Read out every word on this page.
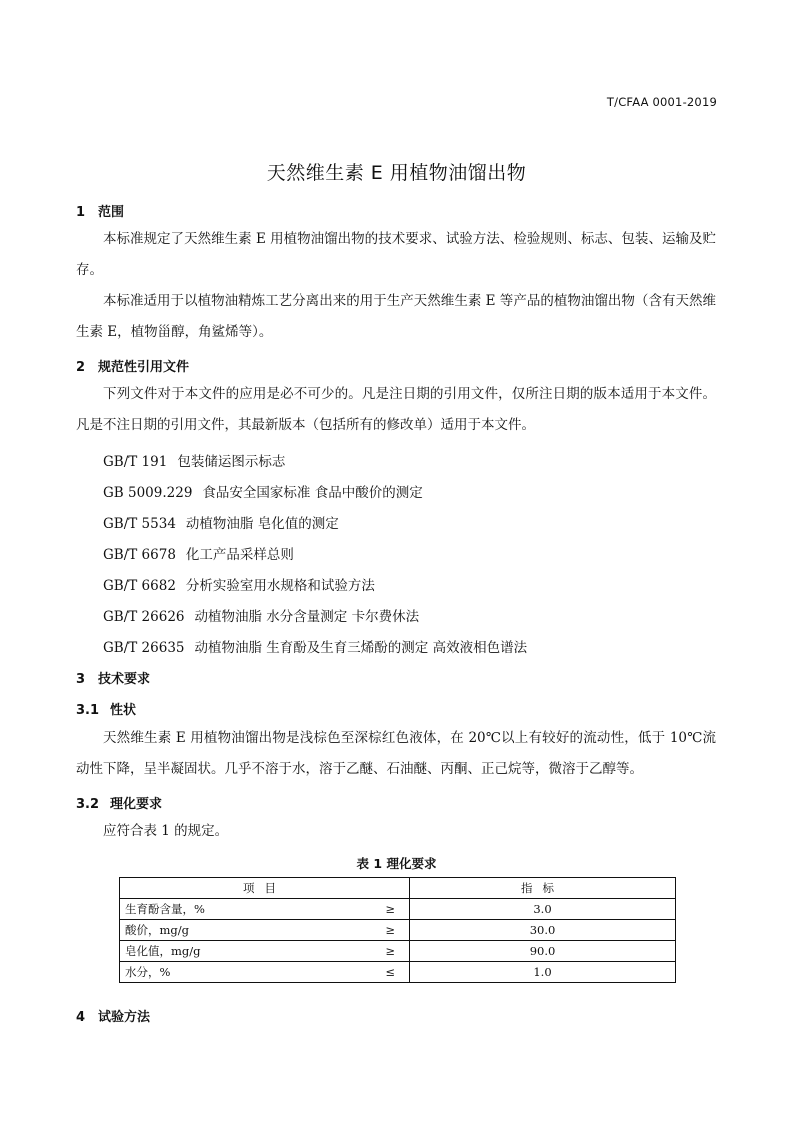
T/CFAA 0001-2019
天然维生素 E 用植物油馏出物
1 范围
本标准规定了天然维生素 E 用植物油馏出物的技术要求、试验方法、检验规则、标志、包装、运输及贮存。
本标准适用于以植物油精炼工艺分离出来的用于生产天然维生素 E 等产品的植物油馏出物（含有天然维生素 E，植物甾醇，角鲨烯等）。
2 规范性引用文件
下列文件对于本文件的应用是必不可少的。凡是注日期的引用文件，仅所注日期的版本适用于本文件。凡是不注日期的引用文件，其最新版本（包括所有的修改单）适用于本文件。
GB/T 191 包装储运图示标志
GB 5009.229 食品安全国家标准 食品中酸价的测定
GB/T 5534 动植物油脂 皂化值的测定
GB/T 6678 化工产品采样总则
GB/T 6682 分析实验室用水规格和试验方法
GB/T 26626 动植物油脂 水分含量测定 卡尔费休法
GB/T 26635 动植物油脂 生育酚及生育三烯酚的测定 高效液相色谱法
3 技术要求
3.1 性状
天然维生素 E 用植物油馏出物是浅棕色至深棕红色液体，在 20℃以上有较好的流动性，低于 10℃流动性下降，呈半凝固状。几乎不溶于水，溶于乙醚、石油醚、丙酮、正己烷等，微溶于乙醇等。
3.2 理化要求
应符合表 1 的规定。
表 1 理化要求
项目		指标
生育酚含量，%	≥	3.0
酸价，mg/g	≥	30.0
皂化值，mg/g	≥	90.0
水分，%	≤	1.0
4 试验方法
